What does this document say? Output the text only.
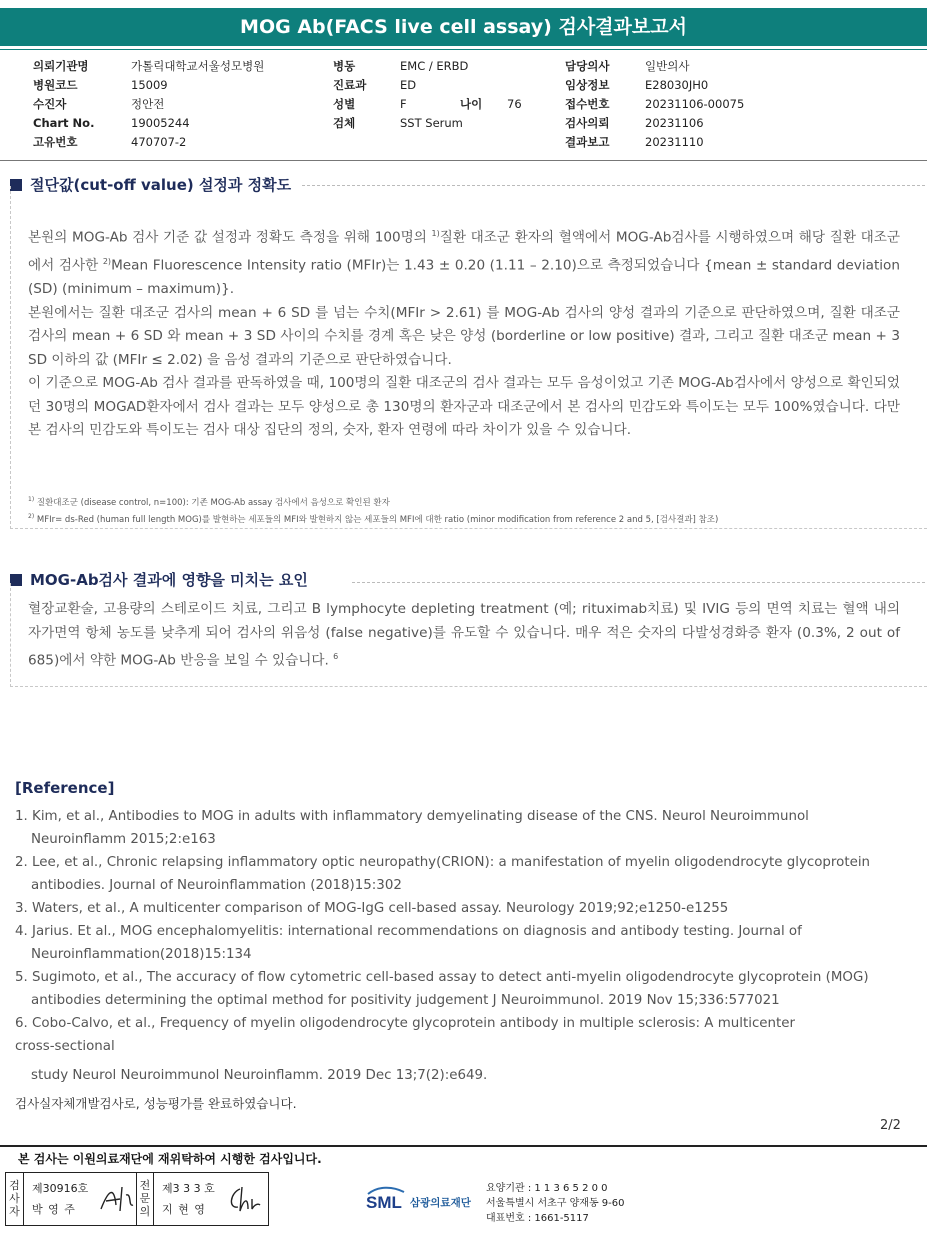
MOG Ab(FACS live cell assay) 검사결과보고서
의뢰기관명	가톨릭대학교서울성모병원
병원코드	15009
수진자	정안전
Chart No.	19005244
고유번호	470707-2
병동	EMC / ERBD
진료과	ED
성별	F	나이	76
검체	SST Serum
담당의사	일반의사
임상정보	E28030JH0
접수번호	20231106-00075
검사의뢰	20231106
결과보고	20231110
절단값(cut-off value) 설정과 정확도

본원의 MOG-Ab 검사 기준 값 설정과 정확도 측정을 위해 100명의 $^{1)}$질환 대조군 환자의 혈액에서 MOG-Ab검사를 시행하였으며 해당 질환 대조군에서 검사한 $^{2)}$Mean Fluorescence Intensity ratio (MFIr)는 1.43 ± 0.20 (1.11 – 2.10)으로 측정되었습니다 {mean ± standard deviation (SD) (minimum – maximum)}.

본원에서는 질환 대조군 검사의 mean + 6 SD 를 넘는 수치(MFIr > 2.61) 를 MOG-Ab 검사의 양성 결과의 기준으로 판단하였으며, 질환 대조군 검사의 mean + 6 SD 와 mean + 3 SD 사이의 수치를 경계 혹은 낮은 양성 (borderline or low positive) 결과, 그리고 질환 대조군 mean + 3 SD 이하의 값 (MFIr ≤ 2.02) 을 음성 결과의 기준으로 판단하였습니다.

이 기준으로 MOG-Ab 검사 결과를 판독하였을 때, 100명의 질환 대조군의 검사 결과는 모두 음성이었고 기존 MOG-Ab검사에서 양성으로 확인되었던 30명의 MOGAD환자에서 검사 결과는 모두 양성으로 총 130명의 환자군과 대조군에서 본 검사의 민감도와 특이도는 모두 100%였습니다. 다만 본 검사의 민감도와 특이도는 검사 대상 집단의 정의, 숫자, 환자 연령에 따라 차이가 있을 수 있습니다.

$^{1)}$ 질환대조군 (disease control, n=100): 기존 MOG-Ab assay 검사에서 음성으로 확인된 환자
$^{2)}$ MFIr= ds-Red (human full length MOG)를 발현하는 세포들의 MFI와 발현하지 않는 세포들의 MFI에 대한 ratio (minor modification from reference 2 and 5, [검사결과] 참조)
MOG-Ab검사 결과에 영향을 미치는 요인

혈장교환술, 고용량의 스테로이드 치료, 그리고 B lymphocyte depleting treatment (예; rituximab치료) 및 IVIG 등의 면역 치료는 혈액 내의 자가면역 항체 농도를 낮추게 되어 검사의 위음성 (false negative)를 유도할 수 있습니다. 매우 적은 숫자의 다발성경화증 환자 (0.3%, 2 out of 685)에서 약한 MOG-Ab 반응을 보일 수 있습니다. $^6$

[Reference]
1. Kim, et al., Antibodies to MOG in adults with inflammatory demyelinating disease of the CNS. Neurol Neuroimmunol
Neuroinflamm 2015;2:e163
2. Lee, et al., Chronic relapsing inflammatory optic neuropathy(CRION): a manifestation of myelin oligodendrocyte glycoprotein
antibodies. Journal of Neuroinflammation (2018)15:302
3. Waters, et al., A multicenter comparison of MOG-IgG cell-based assay. Neurology 2019;92;e1250-e1255
4. Jarius. Et al., MOG encephalomyelitis: international recommendations on diagnosis and antibody testing. Journal of
Neuroinflammation(2018)15:134
5. Sugimoto, et al., The accuracy of flow cytometric cell-based assay to detect anti-myelin oligodendrocyte glycoprotein (MOG)
antibodies determining the optimal method for positivity judgement J Neuroimmunol. 2019 Nov 15;336:577021
6. Cobo-Calvo, et al., Frequency of myelin oligodendrocyte glycoprotein antibody in multiple sclerosis: A multicenter
cross-sectional
study Neurol Neuroimmunol Neuroinflamm. 2019 Dec 13;7(2):e649.
검사실자체개발검사로, 성능평가를 완료하였습니다.
2/2
본 검사는 이원의료재단에 재위탁하여 시행한 검사입니다.
검사자
제30916호
박 영 주
전문의
제3 3 3 호
지 현 영	SML 삼광의료재단
요양기관 : 1 1 3 6 5 2 0 0
서울특별시 서초구 양재동 9-60
대표번호 : 1661-5117
